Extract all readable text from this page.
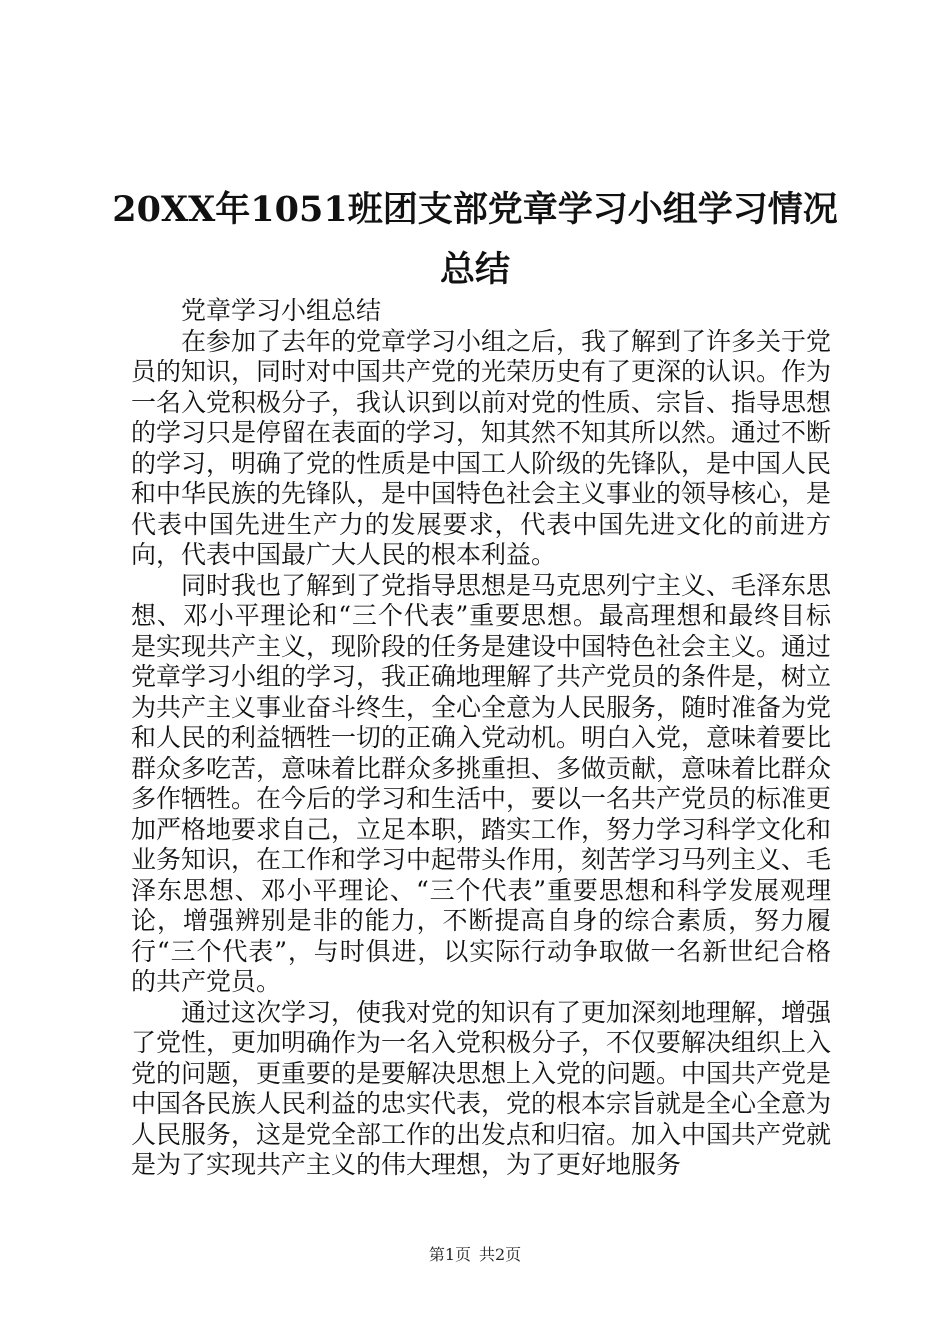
20XX年1051班团支部党章学习小组学习情况
总结

党章学习小组总结

在参加了去年的党章学习小组之后，我了解到了许多关于党员的知识，同时对中国共产党的光荣历史有了更深的认识。作为一名入党积极分子，我认识到以前对党的性质、宗旨、指导思想的学习只是停留在表面的学习，知其然不知其所以然。通过不断的学习，明确了党的性质是中国工人阶级的先锋队，是中国人民和中华民族的先锋队，是中国特色社会主义事业的领导核心，是代表中国先进生产力的发展要求，代表中国先进文化的前进方向，代表中国最广大人民的根本利益。

同时我也了解到了党指导思想是马克思列宁主义、毛泽东思想、邓小平理论和“三个代表”重要思想。最高理想和最终目标是实现共产主义，现阶段的任务是建设中国特色社会主义。通过党章学习小组的学习，我正确地理解了共产党员的条件是，树立为共产主义事业奋斗终生，全心全意为人民服务，随时准备为党和人民的利益牺牲一切的正确入党动机。明白入党，意味着要比群众多吃苦，意味着比群众多挑重担、多做贡献，意味着比群众多作牺牲。在今后的学习和生活中，要以一名共产党员的标准更加严格地要求自己，立足本职，踏实工作，努力学习科学文化和业务知识，在工作和学习中起带头作用，刻苦学习马列主义、毛泽东思想、邓小平理论、“三个代表”重要思想和科学发展观理论，增强辨别是非的能力，不断提高自身的综合素质，努力履行“三个代表”，与时俱进，以实际行动争取做一名新世纪合格的共产党员。

通过这次学习，使我对党的知识有了更加深刻地理解，增强了党性，更加明确作为一名入党积极分子，不仅要解决组织上入党的问题，更重要的是要解决思想上入党的问题。中国共产党是中国各民族人民利益的忠实代表，党的根本宗旨就是全心全意为人民服务，这是党全部工作的出发点和归宿。加入中国共产党就是为了实现共产主义的伟大理想，为了更好地服务

第1页 共2页
